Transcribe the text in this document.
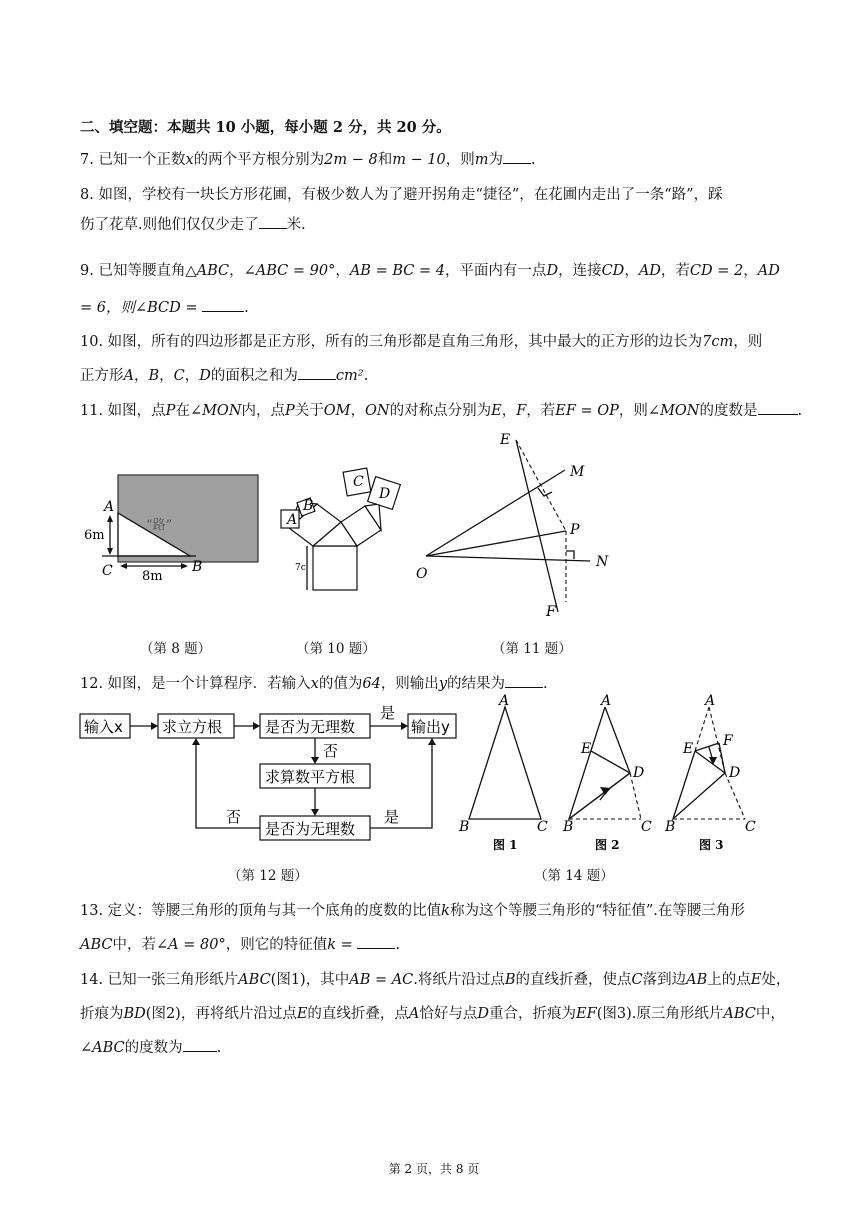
二、填空题：本题共 10 小题，每小题 2 分，共 20 分。
7. 已知一个正数x的两个平方根分别为2m − 8和m − 10，则m为 .
8. 如图，学校有一块长方形花圃，有极少数人为了避开拐角走“捷径”，在花圃内走出了一条“路”，踩
伤了花草.则他们仅仅少走了 米.
9. 已知等腰直角△ABC，∠ABC = 90°，AB = BC = 4，平面内有一点D，连接CD，AD，若CD = 2，AD
= 6，则∠BCD =	.
10. 如图，所有的四边形都是正方形，所有的三角形都是直角三角形，其中最大的正方形的边长为7cm，则
正方形A，B，C，D的面积之和为	cm².
11. 如图，点P在∠MON内，点P关于OM，ON的对称点分别为E，F，若EF = OP，则∠MON的度数是	.
A
C	B
“路”
6m
8m
A
B
C
D
7c
E
M
P
O
N
F
（第 8 题）	（第 10 题）	（第 11 题）
12. 如图，是一个计算程序．若输入x的值为64，则输出y的结果为	.
输入x	求立方根	是否为无理数	输出y
求算数平方根
是否为无理数
是
否
否	是
A
B	C
A
E
D
B	C
A
E F
D
B	C
图 1	图 2	图 3
（第 12 题）	（第 14 题）
13. 定义：等腰三角形的顶角与其一个底角的度数的比值k称为这个等腰三角形的“特征值”.在等腰三角形
ABC中，若∠A = 80°，则它的特征值k =	.
14. 已知一张三角形纸片ABC(图1)，其中AB = AC.将纸片沿过点B的直线折叠，使点C落到边AB上的点E处，
折痕为BD(图2)，再将纸片沿过点E的直线折叠，点A恰好与点D重合，折痕为EF(图3).原三角形纸片ABC中，
∠ABC的度数为 .
第 2 页，共 8 页
